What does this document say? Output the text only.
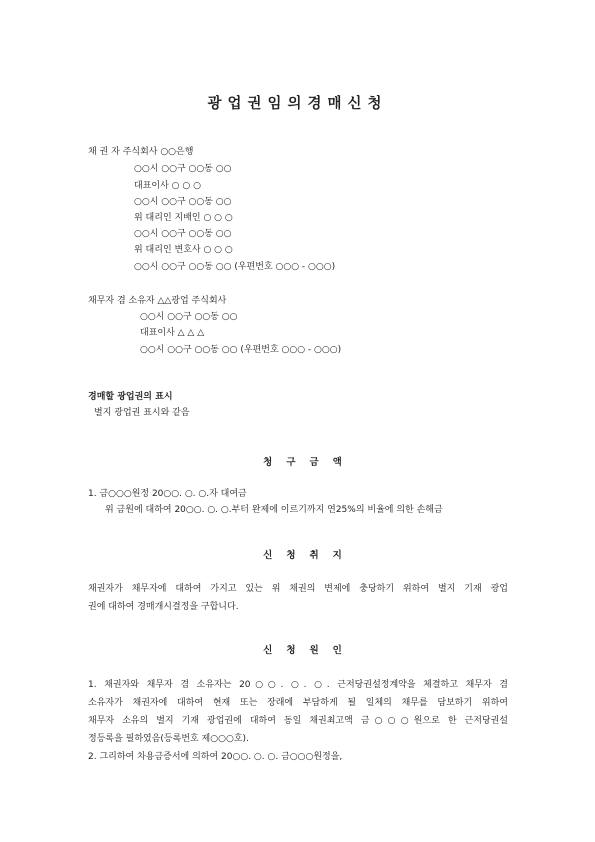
광업권임의경매신청
채 권 자 주식회사 ○○은행
○○시 ○○구 ○○동 ○○
대표이사 ○ ○ ○
○○시 ○○구 ○○동 ○○
위 대리인 지배인 ○ ○ ○
○○시 ○○구 ○○동 ○○
위 대리인 변호사 ○ ○ ○
○○시 ○○구 ○○동 ○○ (우편번호 ○○○ - ○○○)
채무자 겸 소유자 △△광업 주식회사
○○시 ○○구 ○○동 ○○
대표이사 △ △ △
○○시 ○○구 ○○동 ○○ (우편번호 ○○○ - ○○○)
경매할 광업권의 표시
별지 광업권 표시와 같음
청구금액
1. 금○○○원정 20○○. ○. ○.자 대여금
위 금원에 대하여 20○○. ○. ○.부터 완제에 이르기까지 연25%의 비율에 의한 손해금
신청취지
채권자가 채무자에 대하여 가지고 있는 위 채권의 변제에 충당하기 위하여 별지 기재 광업
권에 대하여 경매개시결정을 구합니다.
신청원인
1. 채권자와 채무자 겸 소유자는 20○○. ○. ○. 근저당권설정계약을 체결하고 채무자 겸
소유자가 채권자에 대하여 현재 또는 장래에 부담하게 될 일체의 채무를 담보하기 위하여
채무자 소유의 별지 기재 광업권에 대하여 동일 채권최고액 금○○○원으로 한 근저당권설
정등록을 필하였음(등록번호 제○○○호).
2. 그리하여 차용금증서에 의하여 20○○. ○. ○. 금○○○원정을,
